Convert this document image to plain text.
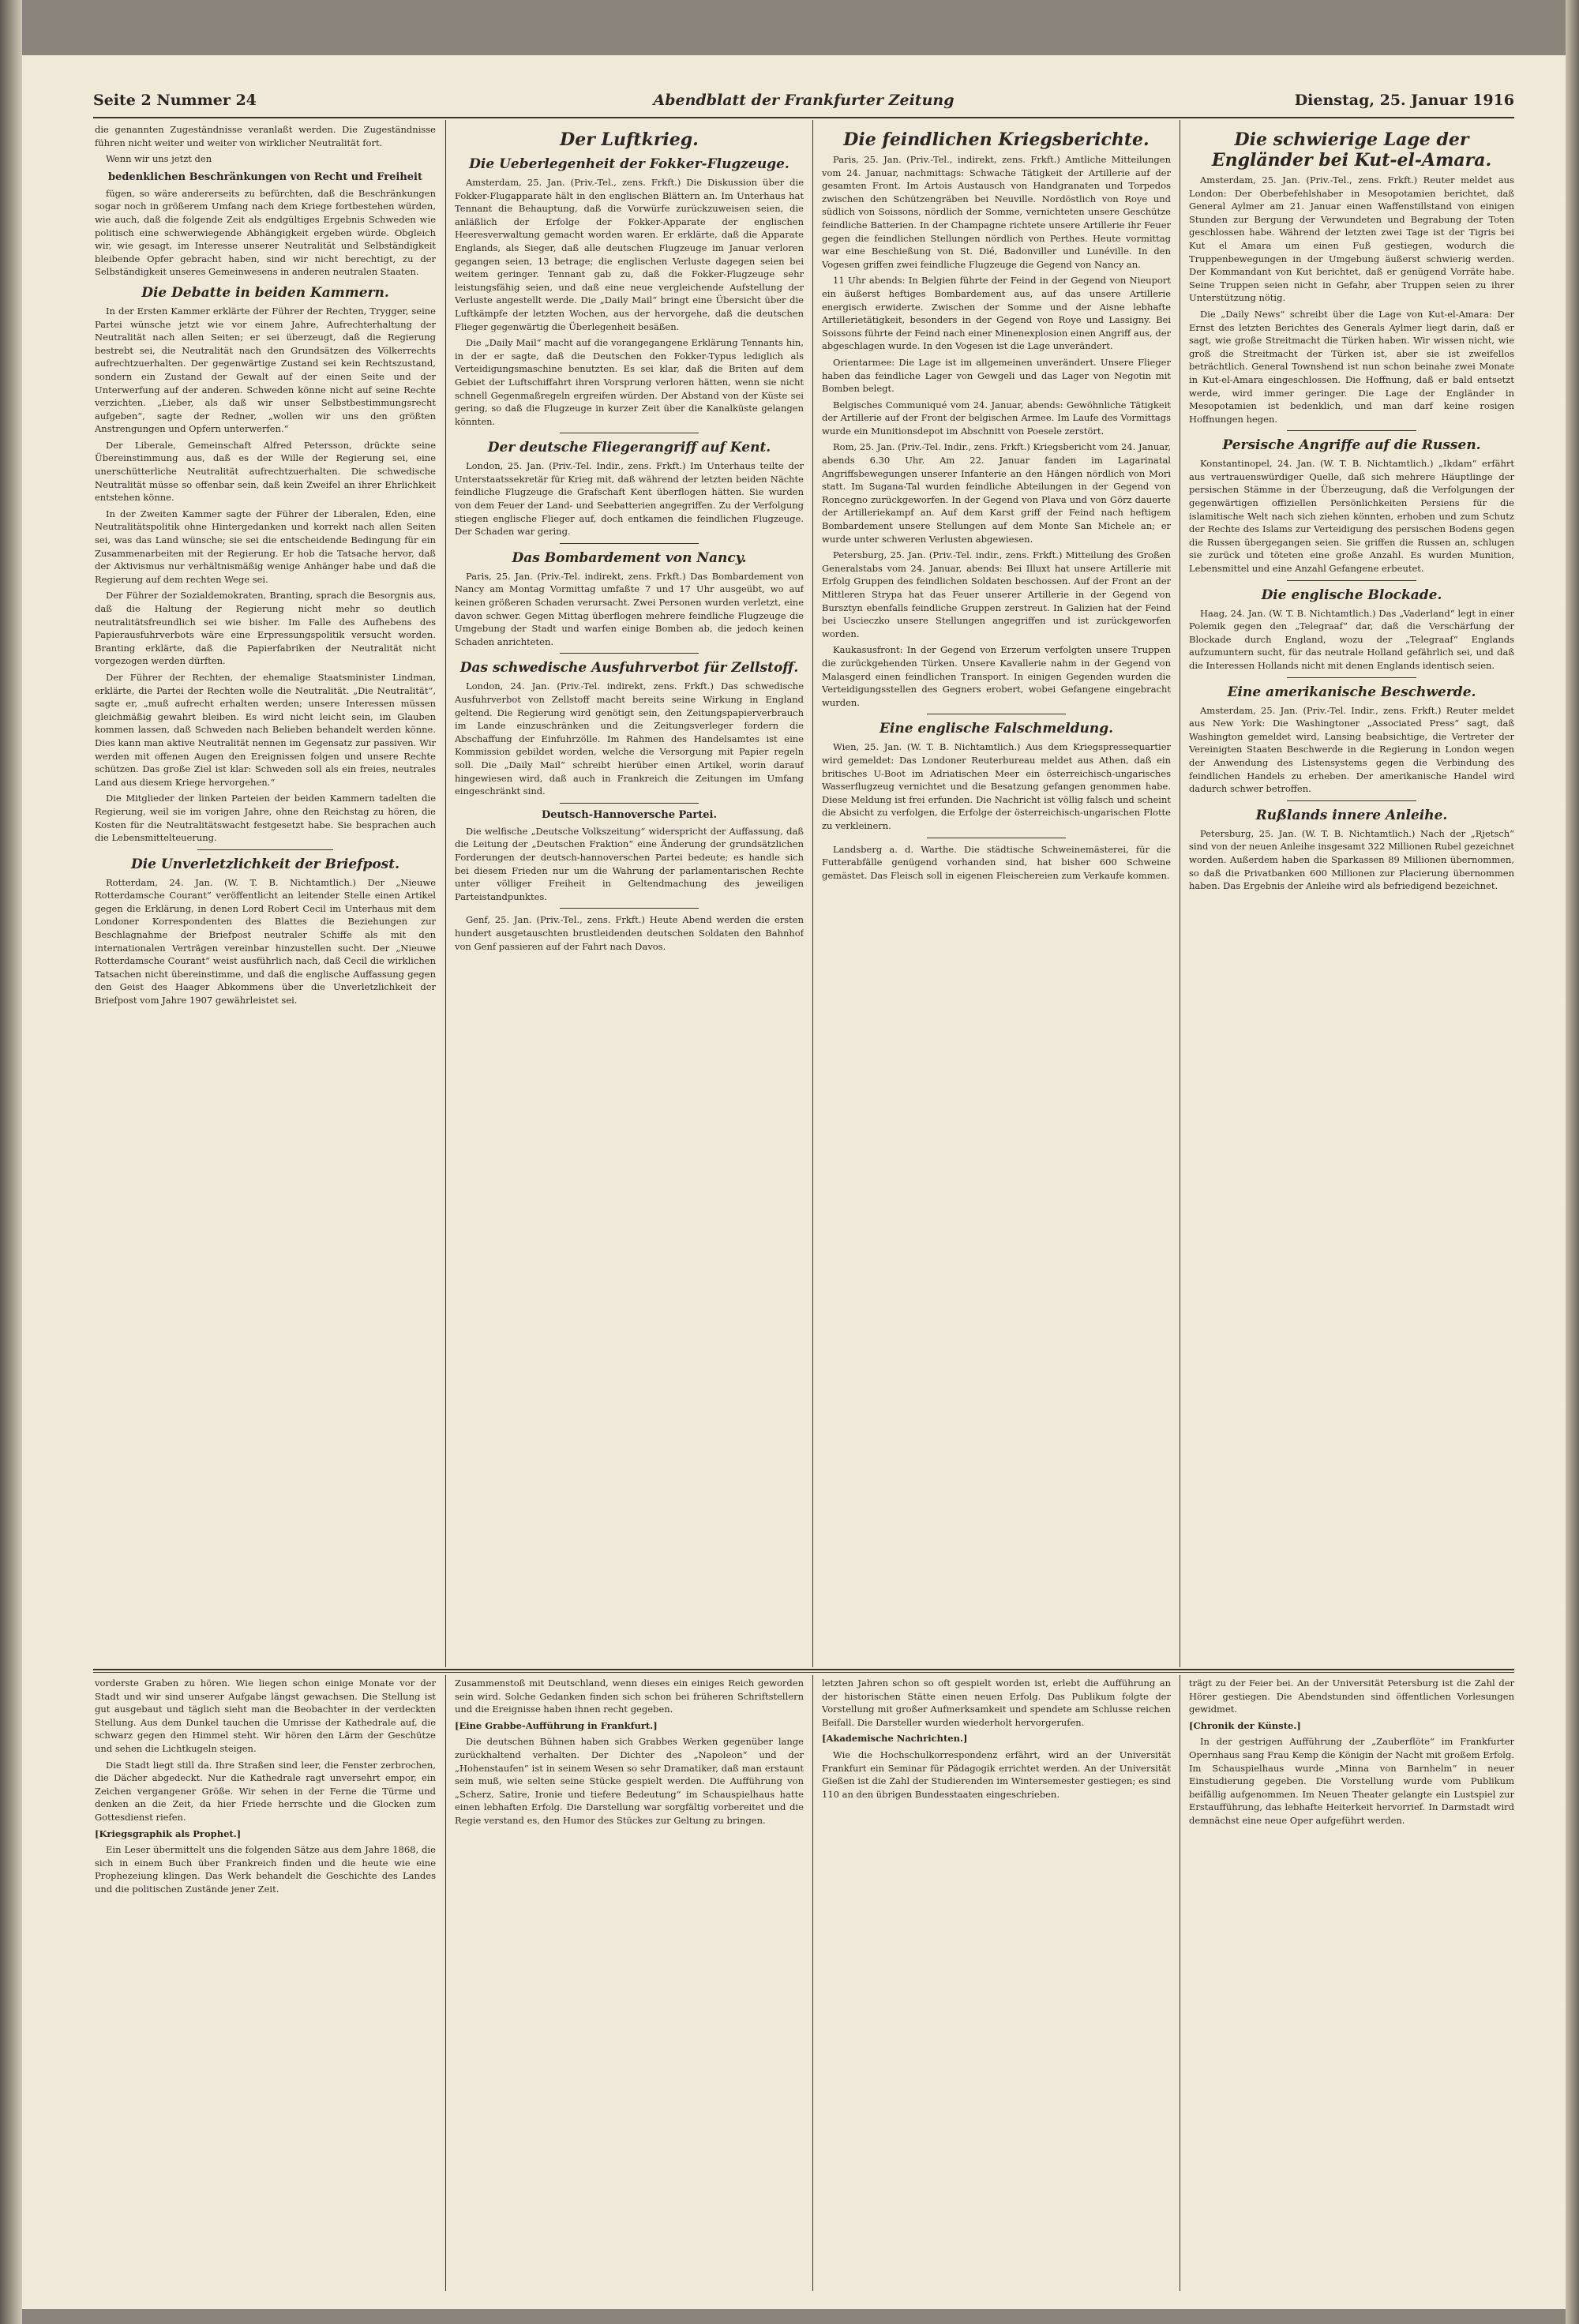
Seite 2 Nummer 24	Abendblatt der Frankfurter Zeitung	Dienstag, 25. Januar 1916

die genannten Zugeständnisse veranlaßt werden. Die Zugeständnisse führen nicht weiter und weiter von wirklicher Neutralität fort.

Wenn wir uns jetzt den

bedenklichen Beschränkungen von Recht und Freiheit

fügen, so wäre andererseits zu befürchten, daß die Beschränkungen sogar noch in größerem Umfang nach dem Kriege fortbestehen würden, wie auch, daß die folgende Zeit als endgültiges Ergebnis Schweden wie politisch eine schwerwiegende Abhängigkeit ergeben würde. Obgleich wir, wie gesagt, im Interesse unserer Neutralität und Selbständigkeit bleibende Opfer gebracht haben, sind wir nicht berechtigt, zu der Selbständigkeit unseres Gemeinwesens in anderen neutralen Staaten.

Die Debatte in beiden Kammern.

In der Ersten Kammer erklärte der Führer der Rechten, Trygger, seine Partei wünsche jetzt wie vor einem Jahre, Aufrechterhaltung der Neutralität nach allen Seiten; er sei überzeugt, daß die Regierung bestrebt sei, die Neutralität nach den Grundsätzen des Völkerrechts aufrechtzuerhalten. Der gegenwärtige Zustand sei kein Rechtszustand, sondern ein Zustand der Gewalt auf der einen Seite und der Unterwerfung auf der anderen. Schweden könne nicht auf seine Rechte verzichten. „Lieber, als daß wir unser Selbstbestimmungsrecht aufgeben“, sagte der Redner, „wollen wir uns den größten Anstrengungen und Opfern unterwerfen.“

Der Liberale, Gemeinschaft Alfred Petersson, drückte seine Übereinstimmung aus, daß es der Wille der Regierung sei, eine unerschütterliche Neutralität aufrechtzuerhalten. Die schwedische Neutralität müsse so offenbar sein, daß kein Zweifel an ihrer Ehrlichkeit entstehen könne.

In der Zweiten Kammer sagte der Führer der Liberalen, Eden, eine Neutralitätspolitik ohne Hintergedanken und korrekt nach allen Seiten sei, was das Land wünsche; sie sei die entscheidende Bedingung für ein Zusammenarbeiten mit der Regierung. Er hob die Tatsache hervor, daß der Aktivismus nur verhältnismäßig wenige Anhänger habe und daß die Regierung auf dem rechten Wege sei.

Der Führer der Sozialdemokraten, Branting, sprach die Besorgnis aus, daß die Haltung der Regierung nicht mehr so deutlich neutralitätsfreundlich sei wie bisher. Im Falle des Aufhebens des Papierausfuhrverbots wäre eine Erpressungspolitik versucht worden. Branting erklärte, daß die Papierfabriken der Neutralität nicht vorgezogen werden dürften.

Der Führer der Rechten, der ehemalige Staatsminister Lindman, erklärte, die Partei der Rechten wolle die Neutralität. „Die Neutralität“, sagte er, „muß aufrecht erhalten werden; unsere Interessen müssen gleichmäßig gewahrt bleiben. Es wird nicht leicht sein, im Glauben kommen lassen, daß Schweden nach Belieben behandelt werden könne. Dies kann man aktive Neutralität nennen im Gegensatz zur passiven. Wir werden mit offenen Augen den Ereignissen folgen und unsere Rechte schützen. Das große Ziel ist klar: Schweden soll als ein freies, neutrales Land aus diesem Kriege hervorgehen.“

Die Mitglieder der linken Parteien der beiden Kammern tadelten die Regierung, weil sie im vorigen Jahre, ohne den Reichstag zu hören, die Kosten für die Neutralitätswacht festgesetzt habe. Sie besprachen auch die Lebensmittelteuerung.

Die Unverletzlichkeit der Briefpost.

Rotterdam, 24. Jan. (W. T. B. Nichtamtlich.) Der „Nieuwe Rotterdamsche Courant“ veröffentlicht an leitender Stelle einen Artikel gegen die Erklärung, in denen Lord Robert Cecil im Unterhaus mit dem Londoner Korrespondenten des Blattes die Beziehungen zur Beschlagnahme der Briefpost neutraler Schiffe als mit den internationalen Verträgen vereinbar hinzustellen sucht. Der „Nieuwe Rotterdamsche Courant“ weist ausführlich nach, daß Cecil die wirklichen Tatsachen nicht übereinstimme, und daß die englische Auffassung gegen den Geist des Haager Abkommens über die Unverletzlichkeit der Briefpost vom Jahre 1907 gewährleistet sei.

Der Luftkrieg.
Die Ueberlegenheit der Fokker-Flugzeuge.

Amsterdam, 25. Jan. (Priv.-Tel., zens. Frkft.) Die Diskussion über die Fokker-Flugapparate hält in den englischen Blättern an. Im Unterhaus hat Tennant die Behauptung, daß die Vorwürfe zurückzuweisen seien, die anläßlich der Erfolge der Fokker-Apparate der englischen Heeresverwaltung gemacht worden waren. Er erklärte, daß die Apparate Englands, als Sieger, daß alle deutschen Flugzeuge im Januar verloren gegangen seien, 13 betrage; die englischen Verluste dagegen seien bei weitem geringer. Tennant gab zu, daß die Fokker-Flugzeuge sehr leistungsfähig seien, und daß eine neue vergleichende Aufstellung der Verluste angestellt werde. Die „Daily Mail“ bringt eine Übersicht über die Luftkämpfe der letzten Wochen, aus der hervorgehe, daß die deutschen Flieger gegenwärtig die Überlegenheit besäßen.

Die „Daily Mail“ macht auf die vorangegangene Erklärung Tennants hin, in der er sagte, daß die Deutschen den Fokker-Typus lediglich als Verteidigungsmaschine benutzten. Es sei klar, daß die Briten auf dem Gebiet der Luftschiffahrt ihren Vorsprung verloren hätten, wenn sie nicht schnell Gegenmaßregeln ergreifen würden. Der Abstand von der Küste sei gering, so daß die Flugzeuge in kurzer Zeit über die Kanalküste gelangen könnten.

Der deutsche Fliegerangriff auf Kent.

London, 25. Jan. (Priv.-Tel. Indir., zens. Frkft.) Im Unterhaus teilte der Unterstaatssekretär für Krieg mit, daß während der letzten beiden Nächte feindliche Flugzeuge die Grafschaft Kent überflogen hätten. Sie wurden von dem Feuer der Land- und Seebatterien angegriffen. Zu der Verfolgung stiegen englische Flieger auf, doch entkamen die feindlichen Flugzeuge. Der Schaden war gering.

Das Bombardement von Nancy.

Paris, 25. Jan. (Priv.-Tel. indirekt, zens. Frkft.) Das Bombardement von Nancy am Montag Vormittag umfaßte 7 und 17 Uhr ausgeübt, wo auf keinen größeren Schaden verursacht. Zwei Personen wurden verletzt, eine davon schwer. Gegen Mittag überflogen mehrere feindliche Flugzeuge die Umgebung der Stadt und warfen einige Bomben ab, die jedoch keinen Schaden anrichteten.

Das schwedische Ausfuhrverbot für Zellstoff.

London, 24. Jan. (Priv.-Tel. indirekt, zens. Frkft.) Das schwedische Ausfuhrverbot von Zellstoff macht bereits seine Wirkung in England geltend. Die Regierung wird genötigt sein, den Zeitungspapierverbrauch im Lande einzuschränken und die Zeitungsverleger fordern die Abschaffung der Einfuhrzölle. Im Rahmen des Handelsamtes ist eine Kommission gebildet worden, welche die Versorgung mit Papier regeln soll. Die „Daily Mail“ schreibt hierüber einen Artikel, worin darauf hingewiesen wird, daß auch in Frankreich die Zeitungen im Umfang eingeschränkt sind.

Deutsch-Hannoversche Partei.

Die welfische „Deutsche Volkszeitung“ widerspricht der Auffassung, daß die Leitung der „Deutschen Fraktion“ eine Änderung der grundsätzlichen Forderungen der deutsch-hannoverschen Partei bedeute; es handle sich bei diesem Frieden nur um die Wahrung der parlamentarischen Rechte unter völliger Freiheit in Geltendmachung des jeweiligen Parteistandpunktes.

Genf, 25. Jan. (Priv.-Tel., zens. Frkft.) Heute Abend werden die ersten hundert ausgetauschten brustleidenden deutschen Soldaten den Bahnhof von Genf passieren auf der Fahrt nach Davos.

Die feindlichen Kriegsberichte.

Paris, 25. Jan. (Priv.-Tel., indirekt, zens. Frkft.) Amtliche Mitteilungen vom 24. Januar, nachmittags: Schwache Tätigkeit der Artillerie auf der gesamten Front. Im Artois Austausch von Handgranaten und Torpedos zwischen den Schützengräben bei Neuville. Nordöstlich von Roye und südlich von Soissons, nördlich der Somme, vernichteten unsere Geschütze feindliche Batterien. In der Champagne richtete unsere Artillerie ihr Feuer gegen die feindlichen Stellungen nördlich von Perthes. Heute vormittag war eine Beschießung von St. Dié, Badonviller und Lunéville. In den Vogesen griffen zwei feindliche Flugzeuge die Gegend von Nancy an.

11 Uhr abends: In Belgien führte der Feind in der Gegend von Nieuport ein äußerst heftiges Bombardement aus, auf das unsere Artillerie energisch erwiderte. Zwischen der Somme und der Aisne lebhafte Artillerietätigkeit, besonders in der Gegend von Roye und Lassigny. Bei Soissons führte der Feind nach einer Minenexplosion einen Angriff aus, der abgeschlagen wurde. In den Vogesen ist die Lage unverändert.

Orientarmee: Die Lage ist im allgemeinen unverändert. Unsere Flieger haben das feindliche Lager von Gewgeli und das Lager von Negotin mit Bomben belegt.

Belgisches Communiqué vom 24. Januar, abends: Gewöhnliche Tätigkeit der Artillerie auf der Front der belgischen Armee. Im Laufe des Vormittags wurde ein Munitionsdepot im Abschnitt von Poesele zerstört.

Rom, 25. Jan. (Priv.-Tel. Indir., zens. Frkft.) Kriegsbericht vom 24. Januar, abends 6.30 Uhr. Am 22. Januar fanden im Lagarinatal Angriffsbewegungen unserer Infanterie an den Hängen nördlich von Mori statt. Im Sugana-Tal wurden feindliche Abteilungen in der Gegend von Roncegno zurückgeworfen. In der Gegend von Plava und von Görz dauerte der Artilleriekampf an. Auf dem Karst griff der Feind nach heftigem Bombardement unsere Stellungen auf dem Monte San Michele an; er wurde unter schweren Verlusten abgewiesen.

Petersburg, 25. Jan. (Priv.-Tel. indir., zens. Frkft.) Mitteilung des Großen Generalstabs vom 24. Januar, abends: Bei Illuxt hat unsere Artillerie mit Erfolg Gruppen des feindlichen Soldaten beschossen. Auf der Front an der Mittleren Strypa hat das Feuer unserer Artillerie in der Gegend von Bursztyn ebenfalls feindliche Gruppen zerstreut. In Galizien hat der Feind bei Uscieczko unsere Stellungen angegriffen und ist zurückgeworfen worden.

Kaukasusfront: In der Gegend von Erzerum verfolgten unsere Truppen die zurückgehenden Türken. Unsere Kavallerie nahm in der Gegend von Malasgerd einen feindlichen Transport. In einigen Gegenden wurden die Verteidigungsstellen des Gegners erobert, wobei Gefangene eingebracht wurden.

Eine englische Falschmeldung.

Wien, 25. Jan. (W. T. B. Nichtamtlich.) Aus dem Kriegspressequartier wird gemeldet: Das Londoner Reuterbureau meldet aus Athen, daß ein britisches U-Boot im Adriatischen Meer ein österreichisch-ungarisches Wasserflugzeug vernichtet und die Besatzung gefangen genommen habe. Diese Meldung ist frei erfunden. Die Nachricht ist völlig falsch und scheint die Absicht zu verfolgen, die Erfolge der österreichisch-ungarischen Flotte zu verkleinern.

Landsberg a. d. Warthe. Die städtische Schweinemästerei, für die Futterabfälle genügend vorhanden sind, hat bisher 600 Schweine gemästet. Das Fleisch soll in eigenen Fleischereien zum Verkaufe kommen.

Die schwierige Lage der Engländer bei Kut-el-Amara.

Amsterdam, 25. Jan. (Priv.-Tel., zens. Frkft.) Reuter meldet aus London: Der Oberbefehlshaber in Mesopotamien berichtet, daß General Aylmer am 21. Januar einen Waffenstillstand von einigen Stunden zur Bergung der Verwundeten und Begrabung der Toten geschlossen habe. Während der letzten zwei Tage ist der Tigris bei Kut el Amara um einen Fuß gestiegen, wodurch die Truppenbewegungen in der Umgebung äußerst schwierig werden. Der Kommandant von Kut berichtet, daß er genügend Vorräte habe. Seine Truppen seien nicht in Gefahr, aber Truppen seien zu ihrer Unterstützung nötig.

Die „Daily News“ schreibt über die Lage von Kut-el-Amara: Der Ernst des letzten Berichtes des Generals Aylmer liegt darin, daß er sagt, wie große Streitmacht die Türken haben. Wir wissen nicht, wie groß die Streitmacht der Türken ist, aber sie ist zweifellos beträchtlich. General Townshend ist nun schon beinahe zwei Monate in Kut-el-Amara eingeschlossen. Die Hoffnung, daß er bald entsetzt werde, wird immer geringer. Die Lage der Engländer in Mesopotamien ist bedenklich, und man darf keine rosigen Hoffnungen hegen.

Persische Angriffe auf die Russen.

Konstantinopel, 24. Jan. (W. T. B. Nichtamtlich.) „Ikdam“ erfährt aus vertrauenswürdiger Quelle, daß sich mehrere Häuptlinge der persischen Stämme in der Überzeugung, daß die Verfolgungen der gegenwärtigen offiziellen Persönlichkeiten Persiens für die islamitische Welt nach sich ziehen könnten, erhoben und zum Schutz der Rechte des Islams zur Verteidigung des persischen Bodens gegen die Russen übergegangen seien. Sie griffen die Russen an, schlugen sie zurück und töteten eine große Anzahl. Es wurden Munition, Lebensmittel und eine Anzahl Gefangene erbeutet.

Die englische Blockade.

Haag, 24. Jan. (W. T. B. Nichtamtlich.) Das „Vaderland“ legt in einer Polemik gegen den „Telegraaf“ dar, daß die Verschärfung der Blockade durch England, wozu der „Telegraaf“ Englands aufzumuntern sucht, für das neutrale Holland gefährlich sei, und daß die Interessen Hollands nicht mit denen Englands identisch seien.

Eine amerikanische Beschwerde.

Amsterdam, 25. Jan. (Priv.-Tel. Indir., zens. Frkft.) Reuter meldet aus New York: Die Washingtoner „Associated Press“ sagt, daß Washington gemeldet wird, Lansing beabsichtige, die Vertreter der Vereinigten Staaten Beschwerde in die Regierung in London wegen der Anwendung des Listensystems gegen die Verbindung des feindlichen Handels zu erheben. Der amerikanische Handel wird dadurch schwer betroffen.

Rußlands innere Anleihe.

Petersburg, 25. Jan. (W. T. B. Nichtamtlich.) Nach der „Rjetsch“ sind von der neuen Anleihe insgesamt 322 Millionen Rubel gezeichnet worden. Außerdem haben die Sparkassen 89 Millionen übernommen, so daß die Privatbanken 600 Millionen zur Placierung übernommen haben. Das Ergebnis der Anleihe wird als befriedigend bezeichnet.

vorderste Graben zu hören. Wie liegen schon einige Monate vor der Stadt und wir sind unserer Aufgabe längst gewachsen. Die Stellung ist gut ausgebaut und täglich sieht man die Beobachter in der verdeckten Stellung. Aus dem Dunkel tauchen die Umrisse der Kathedrale auf, die schwarz gegen den Himmel steht. Wir hören den Lärm der Geschütze und sehen die Lichtkugeln steigen.

Die Stadt liegt still da. Ihre Straßen sind leer, die Fenster zerbrochen, die Dächer abgedeckt. Nur die Kathedrale ragt unversehrt empor, ein Zeichen vergangener Größe. Wir sehen in der Ferne die Türme und denken an die Zeit, da hier Friede herrschte und die Glocken zum Gottesdienst riefen.

[Kriegsgraphik als Prophet.]

Ein Leser übermittelt uns die folgenden Sätze aus dem Jahre 1868, die sich in einem Buch über Frankreich finden und die heute wie eine Prophezeiung klingen. Das Werk behandelt die Geschichte des Landes und die politischen Zustände jener Zeit.

Zusammenstoß mit Deutschland, wenn dieses ein einiges Reich geworden sein wird. Solche Gedanken finden sich schon bei früheren Schriftstellern und die Ereignisse haben ihnen recht gegeben.

[Eine Grabbe-Aufführung in Frankfurt.]

Die deutschen Bühnen haben sich Grabbes Werken gegenüber lange zurückhaltend verhalten. Der Dichter des „Napoleon“ und der „Hohenstaufen“ ist in seinem Wesen so sehr Dramatiker, daß man erstaunt sein muß, wie selten seine Stücke gespielt werden. Die Aufführung von „Scherz, Satire, Ironie und tiefere Bedeutung“ im Schauspielhaus hatte einen lebhaften Erfolg. Die Darstellung war sorgfältig vorbereitet und die Regie verstand es, den Humor des Stückes zur Geltung zu bringen.

letzten Jahren schon so oft gespielt worden ist, erlebt die Aufführung an der historischen Stätte einen neuen Erfolg. Das Publikum folgte der Vorstellung mit großer Aufmerksamkeit und spendete am Schlusse reichen Beifall. Die Darsteller wurden wiederholt hervorgerufen.

[Akademische Nachrichten.]

Wie die Hochschulkorrespondenz erfährt, wird an der Universität Frankfurt ein Seminar für Pädagogik errichtet werden. An der Universität Gießen ist die Zahl der Studierenden im Wintersemester gestiegen; es sind 110 an den übrigen Bundesstaaten eingeschrieben.

trägt zu der Feier bei. An der Universität Petersburg ist die Zahl der Hörer gestiegen. Die Abendstunden sind öffentlichen Vorlesungen gewidmet.

[Chronik der Künste.]

In der gestrigen Aufführung der „Zauberflöte“ im Frankfurter Opernhaus sang Frau Kemp die Königin der Nacht mit großem Erfolg. Im Schauspielhaus wurde „Minna von Barnhelm“ in neuer Einstudierung gegeben. Die Vorstellung wurde vom Publikum beifällig aufgenommen. Im Neuen Theater gelangte ein Lustspiel zur Erstaufführung, das lebhafte Heiterkeit hervorrief. In Darmstadt wird demnächst eine neue Oper aufgeführt werden.
